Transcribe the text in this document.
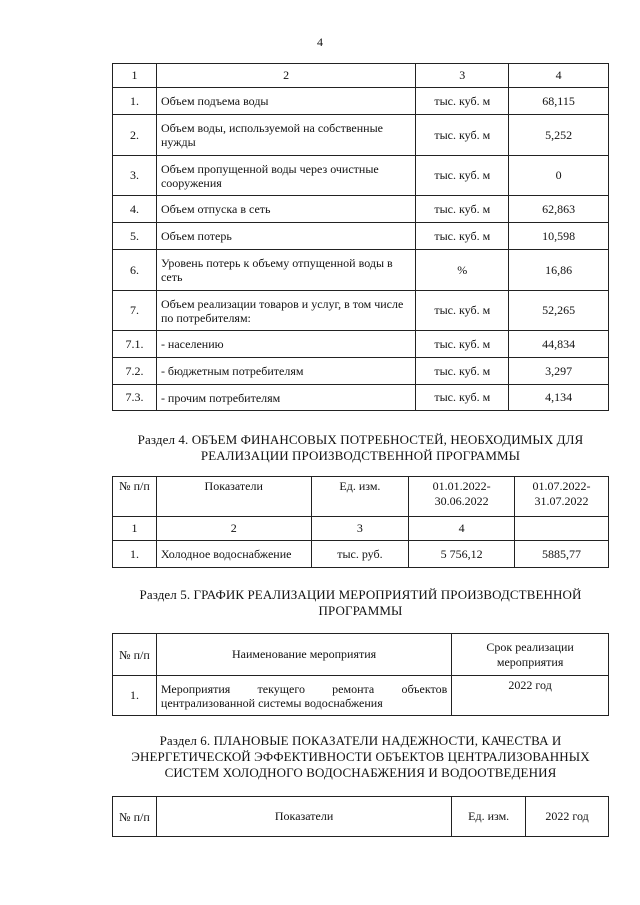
4
1	2	3	4
1.	Объем подъема воды	тыс. куб. м	68,115
2.	Объем воды, используемой на собственные нужды	тыс. куб. м	5,252
3.	Объем пропущенной воды через очистные сооружения	тыс. куб. м	0
4.	Объем отпуска в сеть	тыс. куб. м	62,863
5.	Объем потерь	тыс. куб. м	10,598
6.	Уровень потерь к объему отпущенной воды в сеть	%	16,86
7.	Объем реализации товаров и услуг, в том числе по потребителям:	тыс. куб. м	52,265
7.1.	- населению	тыс. куб. м	44,834
7.2.	- бюджетным потребителям	тыс. куб. м	3,297
7.3.	- прочим потребителям	тыс. куб. м	4,134
Раздел 4. ОБЪЕМ ФИНАНСОВЫХ ПОТРЕБНОСТЕЙ, НЕОБХОДИМЫХ ДЛЯ
РЕАЛИЗАЦИИ ПРОИЗВОДСТВЕННОЙ ПРОГРАММЫ
№ п/п	Показатели	Ед. изм.	01.01.2022-30.06.2022	01.07.2022-31.07.2022
1	2	3	4	
1.	Холодное водоснабжение	тыс. руб.	5 756,12	5885,77
Раздел 5. ГРАФИК РЕАЛИЗАЦИИ МЕРОПРИЯТИЙ ПРОИЗВОДСТВЕННОЙ
ПРОГРАММЫ
№ п/п	Наименование мероприятия	Срок реализации мероприятия
1.	Мероприятия текущего ремонта объектов централизованной системы водоснабжения	2022 год
Раздел 6. ПЛАНОВЫЕ ПОКАЗАТЕЛИ НАДЕЖНОСТИ, КАЧЕСТВА И
ЭНЕРГЕТИЧЕСКОЙ ЭФФЕКТИВНОСТИ ОБЪЕКТОВ ЦЕНТРАЛИЗОВАННЫХ
СИСТЕМ ХОЛОДНОГО ВОДОСНАБЖЕНИЯ И ВОДООТВЕДЕНИЯ
№ п/п	Показатели	Ед. изм.	2022 год
